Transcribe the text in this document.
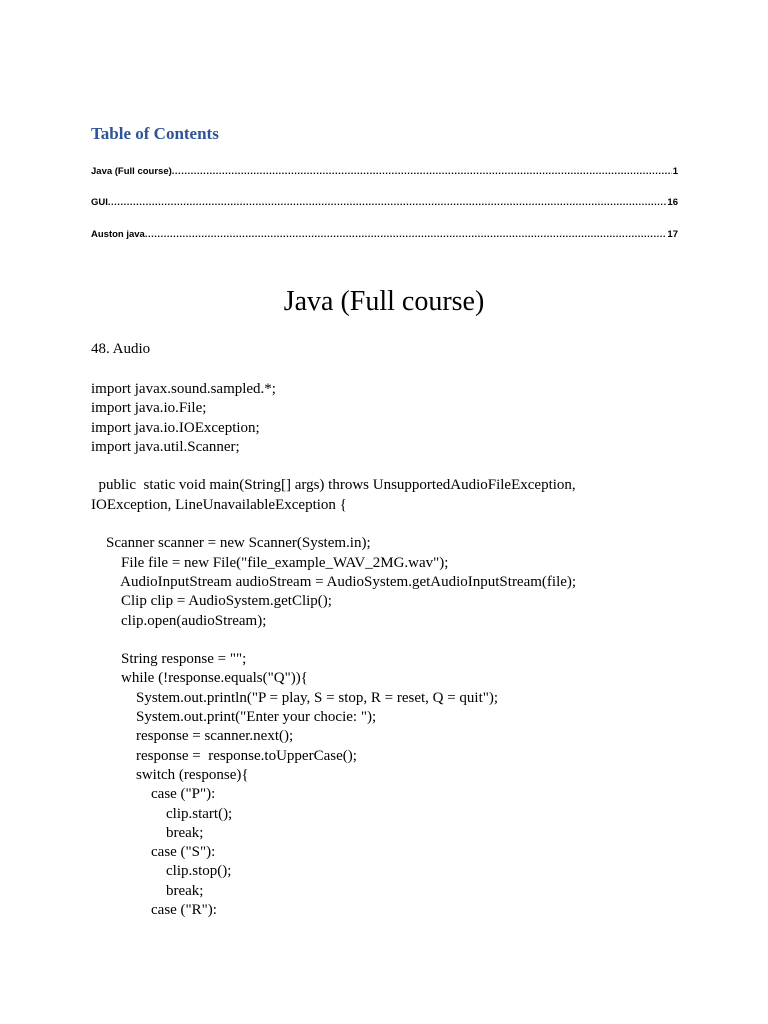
Table of Contents
Java (Full course) .....	1
GUI .....	16
Auston java .....	17
Java (Full course)
48. Audio
import javax.sound.sampled.*;
import java.io.File;
import java.io.IOException;
import java.util.Scanner;
public  static void main(String[] args) throws UnsupportedAudioFileException,
IOException, LineUnavailableException {
Scanner scanner = new Scanner(System.in);
File file = new File("file_example_WAV_2MG.wav");
AudioInputStream audioStream = AudioSystem.getAudioInputStream(file);
Clip clip = AudioSystem.getClip();
clip.open(audioStream);
String response = "";
while (!response.equals("Q")){
System.out.println("P = play, S = stop, R = reset, Q = quit");
System.out.print("Enter your chocie: ");
response = scanner.next();
response =  response.toUpperCase();
switch (response){
case ("P"):
clip.start();
break;
case ("S"):
clip.stop();
break;
case ("R"):
